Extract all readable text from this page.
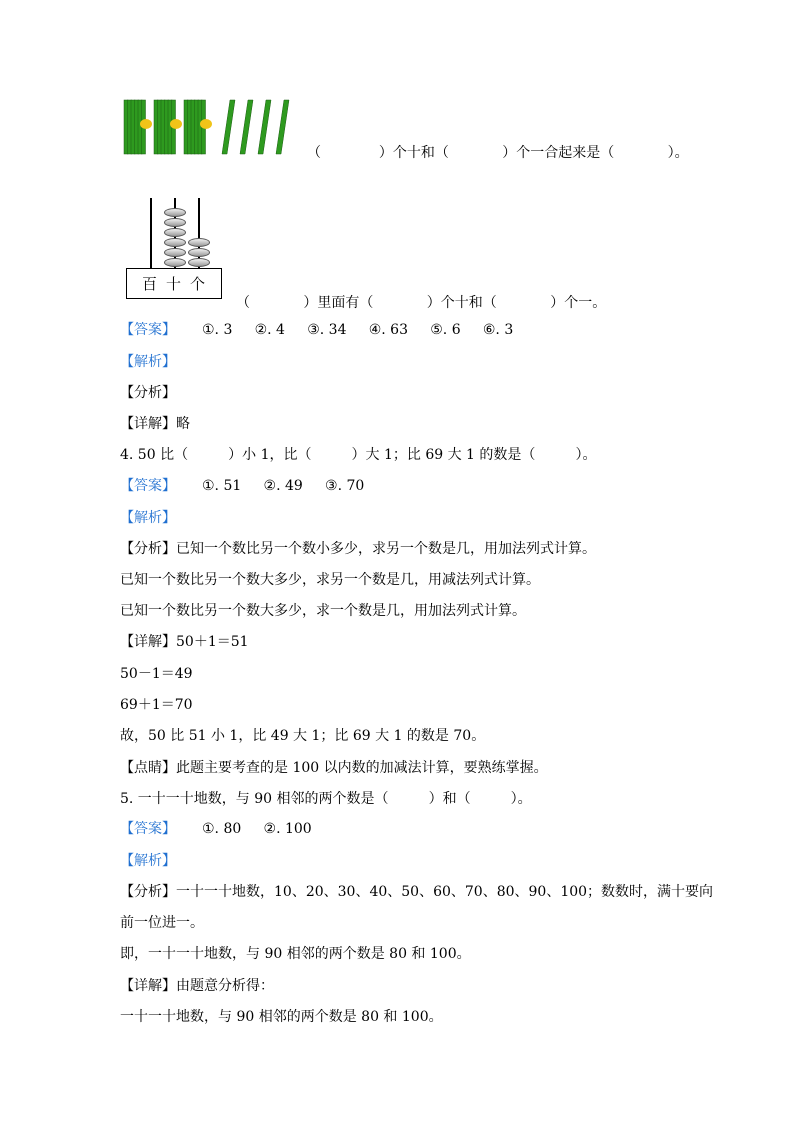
（             ）个十和（            ）个一合起来是（            ）。
百 十 个
（            ）里面有（            ）个十和（            ）个一。
【答案】 ①. 3     ②. 4     ③. 34     ④. 63     ⑤. 6     ⑥. 3
【解析】
【分析】
【详解】略
4. 50 比（         ）小 1，比（         ）大 1；比 69 大 1 的数是（         ）。
【答案】 ①. 51     ②. 49     ③. 70
【解析】
【分析】已知一个数比另一个数小多少，求另一个数是几，用加法列式计算。
已知一个数比另一个数大多少，求另一个数是几，用减法列式计算。
已知一个数比另一个数大多少，求一个数是几，用加法列式计算。
【详解】50＋1＝51
50－1＝49
69＋1＝70
故，50 比 51 小 1，比 49 大 1；比 69 大 1 的数是 70。
【点睛】此题主要考查的是 100 以内数的加减法计算，要熟练掌握。
5. 一十一十地数，与 90 相邻的两个数是（         ）和（         ）。
【答案】 ①. 80     ②. 100
【解析】
【分析】一十一十地数，10、20、30、40、50、60、70、80、90、100；数数时，满十要向
前一位进一。
即，一十一十地数，与 90 相邻的两个数是 80 和 100。
【详解】由题意分析得：
一十一十地数，与 90 相邻的两个数是 80 和 100。
